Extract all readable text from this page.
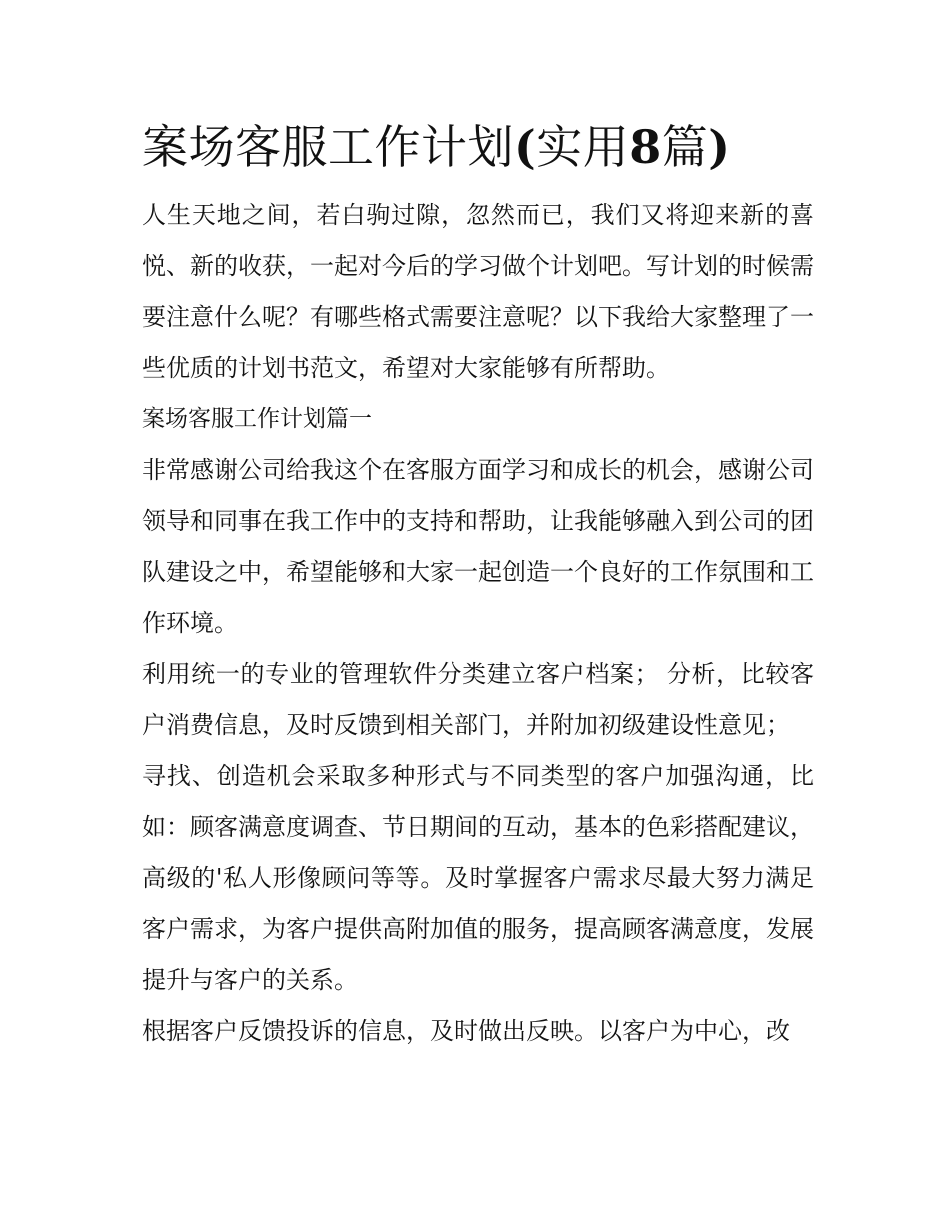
案场客服工作计划(实用8篇)

人生天地之间，若白驹过隙，忽然而已，我们又将迎来新的喜悦、新的收获，一起对今后的学习做个计划吧。写计划的时候需要注意什么呢？有哪些格式需要注意呢？以下我给大家整理了一些优质的计划书范文，希望对大家能够有所帮助。

案场客服工作计划篇一

非常感谢公司给我这个在客服方面学习和成长的机会，感谢公司领导和同事在我工作中的支持和帮助，让我能够融入到公司的团队建设之中，希望能够和大家一起创造一个良好的工作氛围和工作环境。

利用统一的专业的管理软件分类建立客户档案； 分析，比较客户消费信息，及时反馈到相关部门，并附加初级建设性意见；

寻找、创造机会采取多种形式与不同类型的客户加强沟通，比如：顾客满意度调查、节日期间的互动，基本的色彩搭配建议，高级的'私人形像顾问等等。及时掌握客户需求尽最大努力满足客户需求，为客户提供高附加值的服务，提高顾客满意度，发展提升与客户的关系。

根据客户反馈投诉的信息，及时做出反映。以客户为中心，改
